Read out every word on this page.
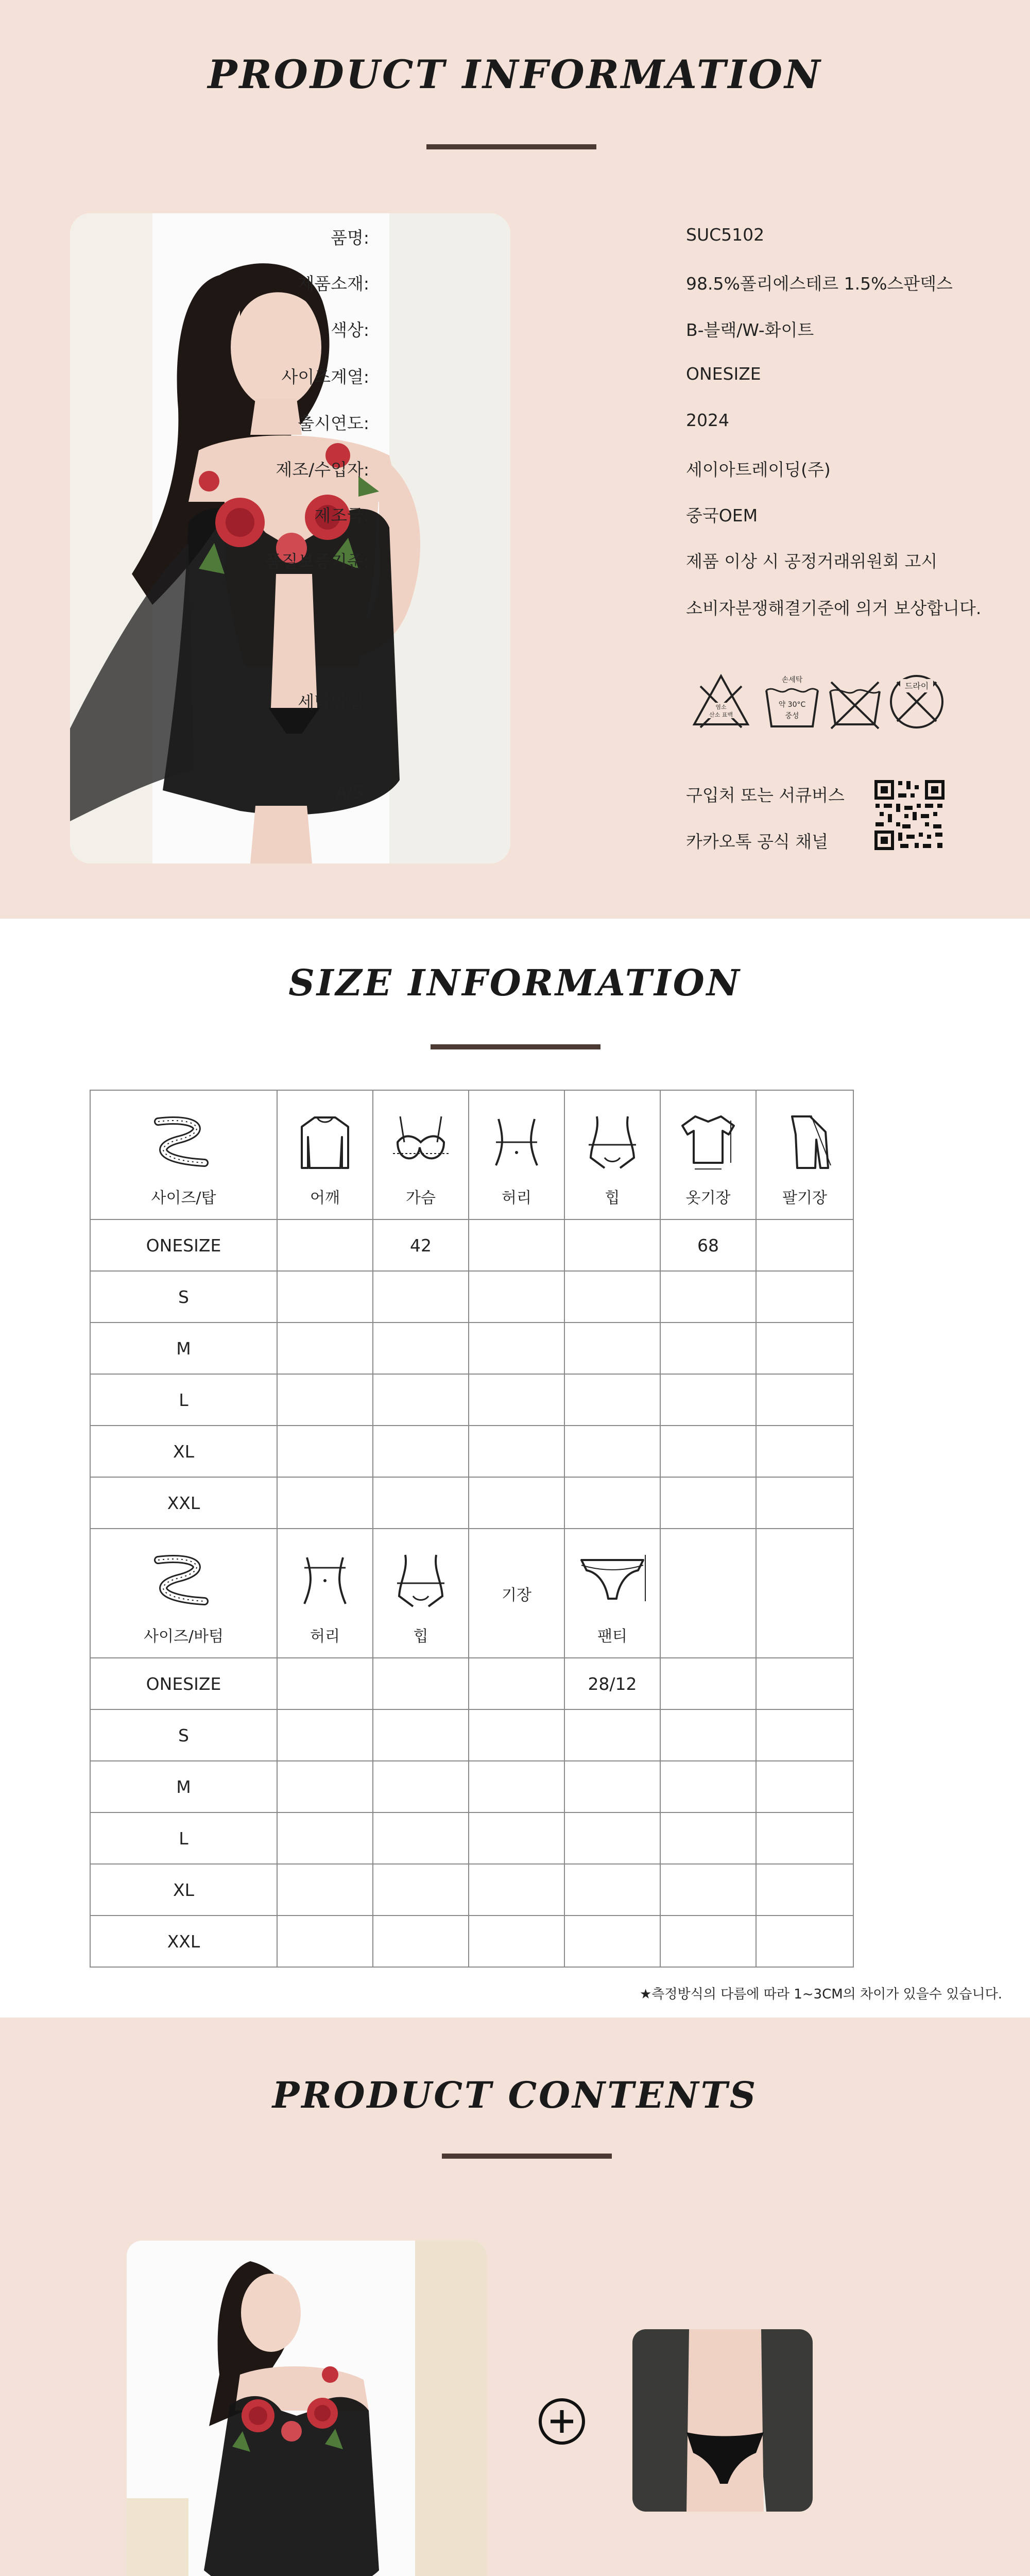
PRODUCT INFORMATION
품명:	SUC5102
제품소재:	98.5%폴리에스테르 1.5%스판덱스
색상:	B-블랙/W-화이트
사이즈계열:	ONESIZE
출시연도:	2024
제조/수입자:	세이아트레이딩(주)
제조국:	중국OEM
품질보증기준:	제품 이상 시 공정거래위원회 고시
소비자분쟁해결기준에 의거 보상합니다.
세탁방법:	염소
산소 표백
손세탁
약 30°C
중성
드라이
A/S:	구입처 또는 서큐버스
카카오톡 공식 채널
SIZE INFORMATION
사이즈/탑	어깨	가슴	허리	힙	옷기장	팔기장

ONESIZE		42			68	
S						
M						
L						
XL						
XXL						

사이즈/바텀	허리	힙	기장	팬티		

ONESIZE				28/12		
S						
M						
L						
XL						
XXL						
★측정방식의 다름에 따라 1~3CM의 차이가 있을수 있습니다.
PRODUCT CONTENTS
